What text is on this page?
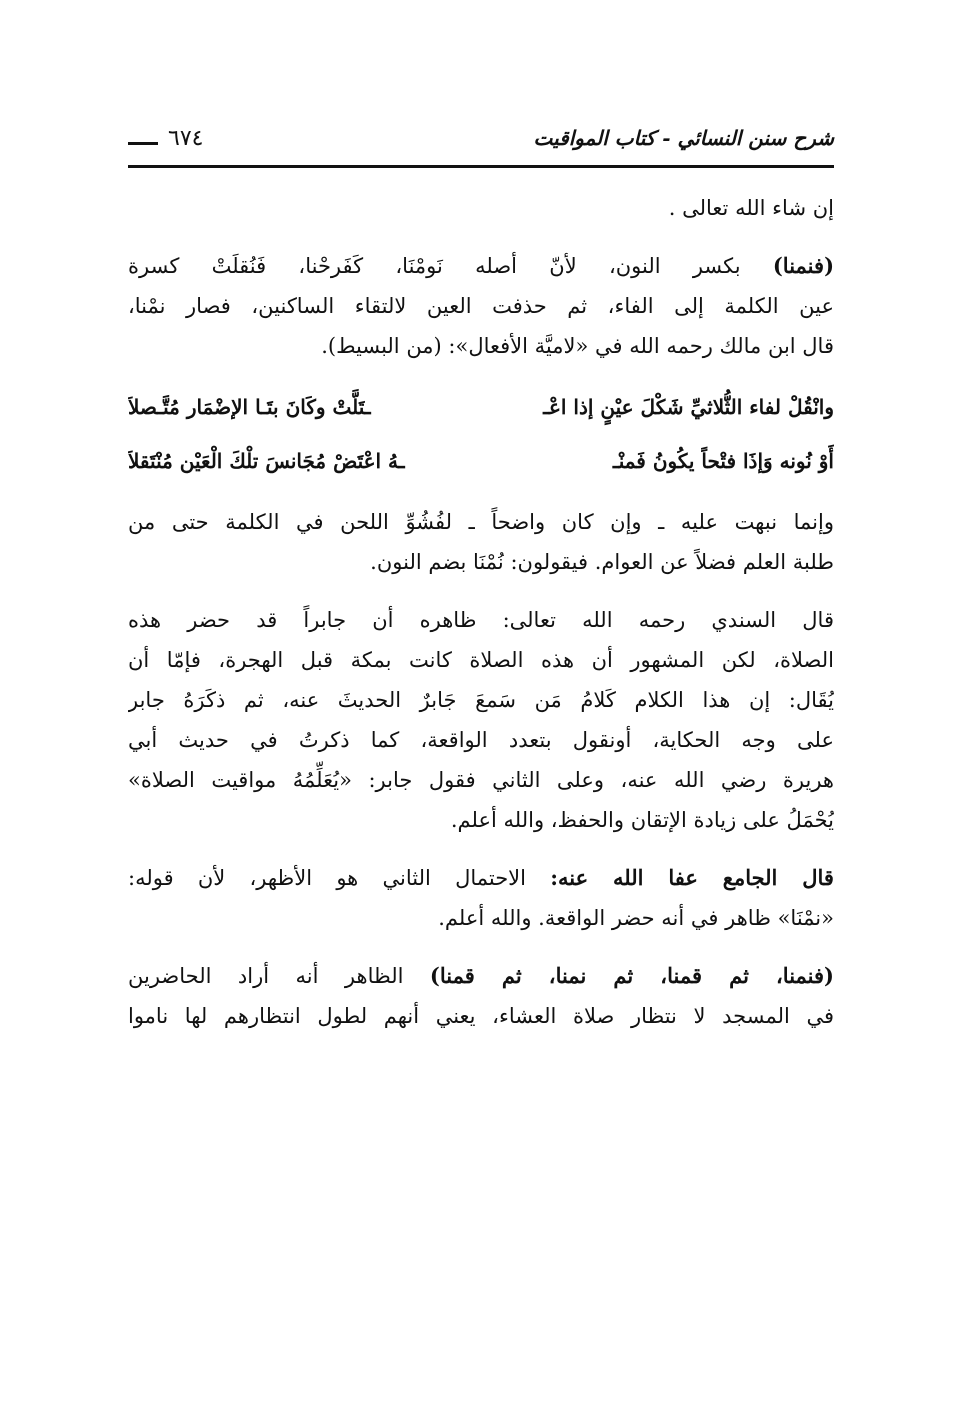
شرح سنن النسائي - كتاب المواقيت
٦٧٤
إن شاء الله تعالى .
(فنمنا) بكسر النون، لأنّ أصله نَومْنَا، كَفَرحْنا، فَنُقلَتْ كسرة
عين الكلمة إلى الفاء، ثم حذفت العين لالتقاء الساكنين، فصار نمْنا،
قال ابن مالك رحمه الله في «لاميَّة الأفعال»: (من البسيط).
وانْقُلْ لفاء الثُّلاثيِّ شَكْلَ عيْنٍ إذا اعْـ
ـتَلَّتْ وكَانَ بتَـا الإضْمَار مُتَّـصلاَ
أَوْ نُونه وَإذَا فتْحاً يكُونُ فَمنْـ
ـهُ اعْتَضْ مُجَانسَ تلْكَ الْعَيْن مُنْتَقلاَ
وإنما نبهت عليه ـ وإن كان واضحاً ـ لفُشُوِّ اللحن في الكلمة حتى من
طلبة العلم فضلاً عن العوام. فيقولون: نُمْنَا بضم النون.
قال السندي رحمه الله تعالى: ظاهره أن جابراً قد حضر هذه
الصلاة، لكن المشهور أن هذه الصلاة كانت بمكة قبل الهجرة، فإمّا أن
يُقَال: إن هذا الكلام كَلامُ مَن سَمعَ جَابرٌ الحديثَ عنه، ثم ذكَرَهُ جابر
على وجه الحكاية، أونقول بتعدد الواقعة، كما ذكرتُ في حديث أبي
هريرة رضي الله عنه، وعلى الثاني فقول جابر: «يُعَلِّمُهُ مواقيت الصلاة»
يُحْمَلُ على زيادة الإتقان والحفظ، والله أعلم.
قال الجامع عفا الله عنه: الاحتمال الثاني هو الأظهر، لأن قوله:
«نمْنَا» ظاهر في أنه حضر الواقعة. والله أعلم.
(فنمنا، ثم قمنا، ثم نمنا، ثم قمنا) الظاهر أنه أراد الحاضرين
في المسجد لا نتظار صلاة العشاء، يعني أنهم لطول انتظارهم لها ناموا
